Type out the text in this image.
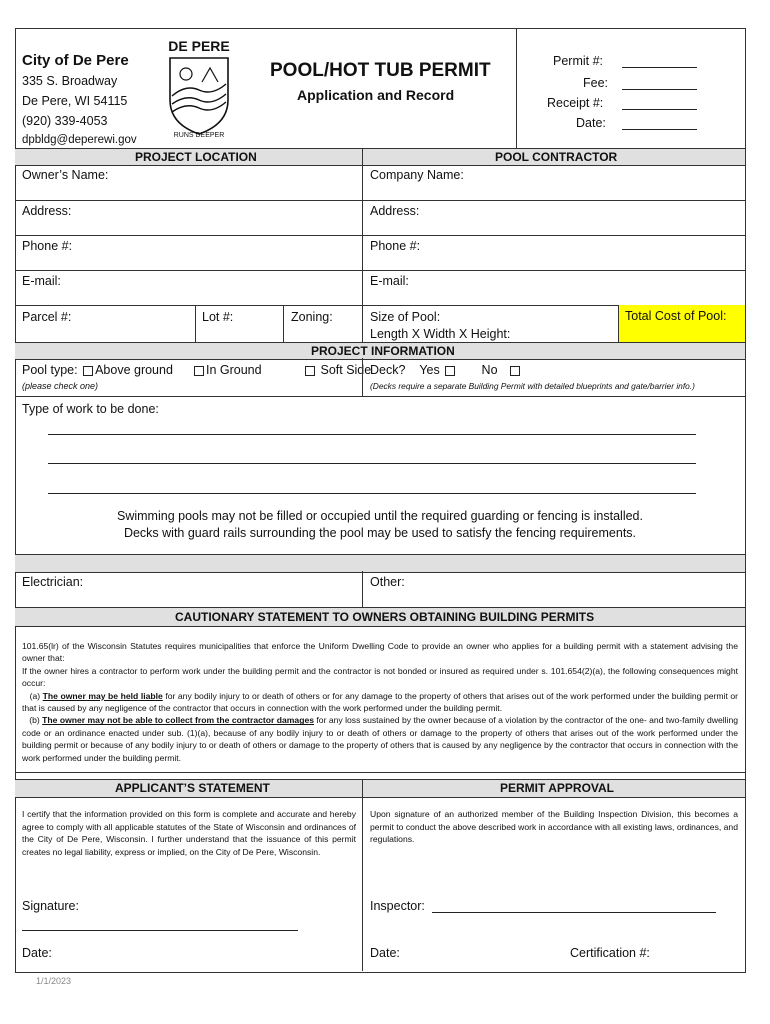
City of De Pere
335 S. Broadway
De Pere, WI 54115
(920) 339-4053
dpbldg@deperewi.gov
DE PERE
RUNS DEEPER
POOL/HOT TUB PERMIT
Application and Record
Permit #:
Fee:
Receipt #:
Date:
PROJECT LOCATION	POOL CONTRACTOR
Owner’s Name:	Company Name:
Address:	Address:
Phone #:	Phone #:
E-mail:	E-mail:
Parcel #:	Lot #:	Zoning:	Size of Pool:
Length X Width X Height:
Total Cost of Pool:
PROJECT INFORMATION
Pool type: Above ground	In Ground	Soft Side
(please check one)
Deck? Yes	No
(Decks require a separate Building Permit with detailed blueprints and gate/barrier info.)
Type of work to be done:
Swimming pools may not be filled or occupied until the required guarding or fencing is installed.
Decks with guard rails surrounding the pool may be used to satisfy the fencing requirements.
Electrician:	Other:
CAUTIONARY STATEMENT TO OWNERS OBTAINING BUILDING PERMITS
101.65(lr) of the Wisconsin Statutes requires municipalities that enforce the Uniform Dwelling Code to provide an owner who applies for a building permit with a statement advising the owner that:
If the owner hires a contractor to perform work under the building permit and the contractor is not bonded or insured as required under s. 101.654(2)(a), the following consequences might occur:
(a) The owner may be held liable for any bodily injury to or death of others or for any damage to the property of others that arises out of the work performed under the building permit or that is caused by any negligence of the contractor that occurs in connection with the work performed under the building permit.
(b) The owner may not be able to collect from the contractor damages for any loss sustained by the owner because of a violation by the contractor of the one- and two-family dwelling code or an ordinance enacted under sub. (1)(a), because of any bodily injury to or death of others or damage to the property of others that arises out of the work performed under the building permit or because of any bodily injury to or death of others or damage to the property of others that is caused by any negligence by the contractor that occurs in connection with the work performed under the building permit.
APPLICANT’S STATEMENT	PERMIT APPROVAL
I certify that the information provided on this form is complete and accurate and hereby agree to comply with all applicable statutes of the State of Wisconsin and ordinances of the City of De Pere, Wisconsin. I further understand that the issuance of this permit creates no legal liability, express or implied, on the City of De Pere, Wisconsin.
Upon signature of an authorized member of the Building Inspection Division, this becomes a permit to conduct the above described work in accordance with all existing laws, ordinances, and regulations.
Signature:
Date:
Inspector:
Date:	Certification #:
1/1/2023
